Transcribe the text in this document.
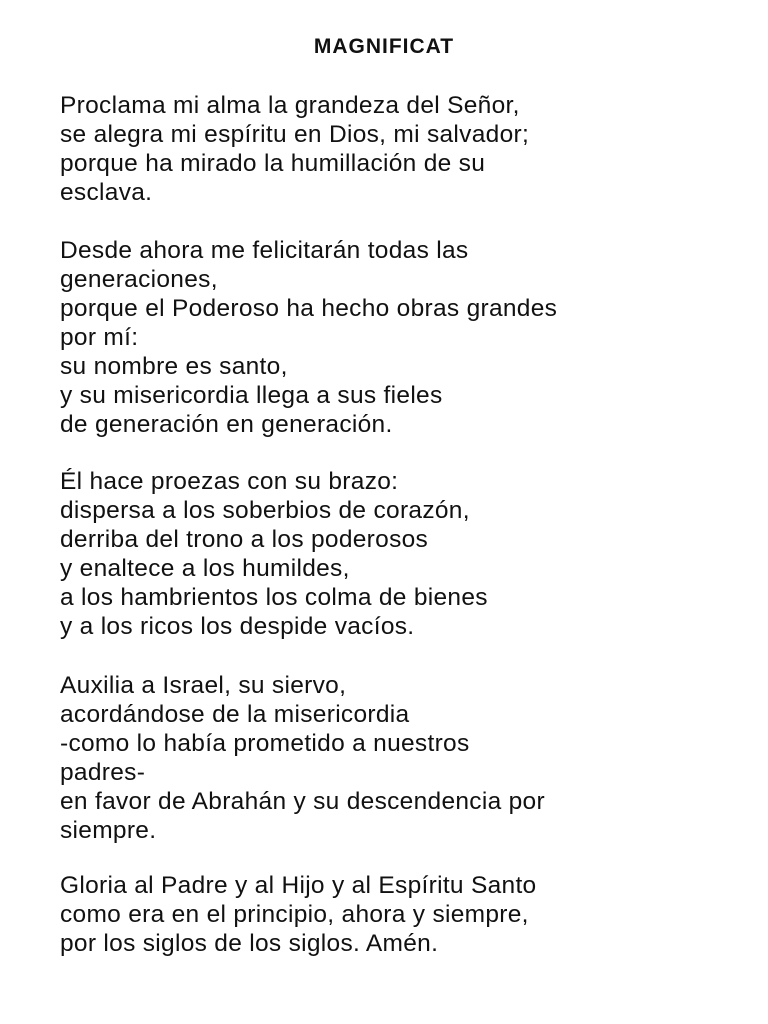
MAGNIFICAT
Proclama mi alma la grandeza del Señor,
se alegra mi espíritu en Dios, mi salvador;
porque ha mirado la humillación de su
esclava.
Desde ahora me felicitarán todas las
generaciones,
porque el Poderoso ha hecho obras grandes
por mí:
su nombre es santo,
y su misericordia llega a sus fieles
de generación en generación.
Él hace proezas con su brazo:
dispersa a los soberbios de corazón,
derriba del trono a los poderosos
y enaltece a los humildes,
a los hambrientos los colma de bienes
y a los ricos los despide vacíos.
Auxilia a Israel, su siervo,
acordándose de la misericordia
-como lo había prometido a nuestros
padres-
en favor de Abrahán y su descendencia por
siempre.
Gloria al Padre y al Hijo y al Espíritu Santo
como era en el principio, ahora y siempre,
por los siglos de los siglos. Amén.
